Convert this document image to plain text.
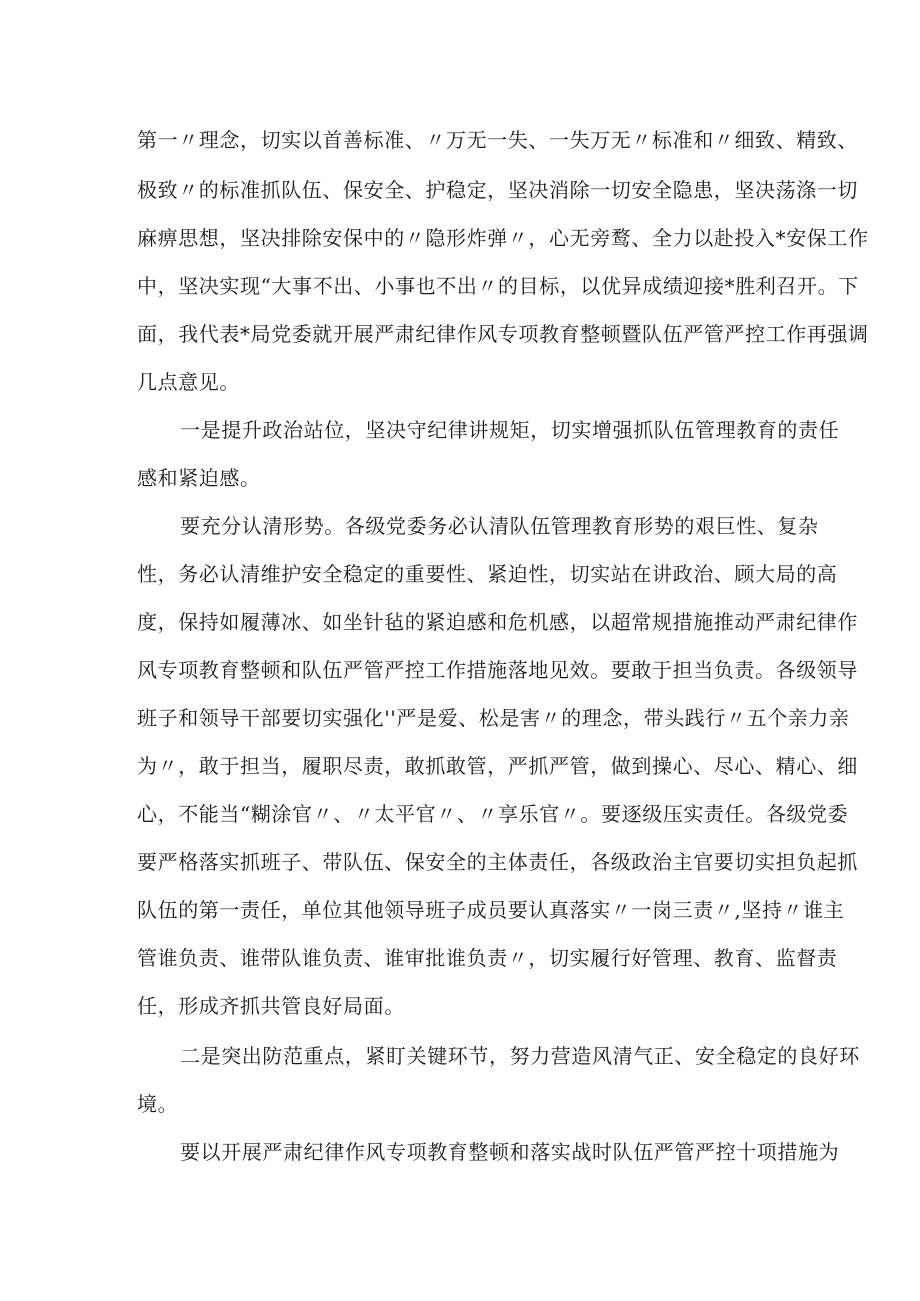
第一〃理念，切实以首善标准、〃万无一失、一失万无〃标准和〃细致、精致、
极致〃的标准抓队伍、保安全、护稳定，坚决消除一切安全隐患，坚决荡涤一切
麻痹思想，坚决排除安保中的〃隐形炸弹〃，心无旁鹜、全力以赴投入*安保工作
中，坚决实现“大事不出、小事也不出〃的目标，以优异成绩迎接*胜利召开。下
面，我代表*局党委就开展严肃纪律作风专项教育整顿暨队伍严管严控工作再强调
几点意见。
一是提升政治站位，坚决守纪律讲规矩，切实增强抓队伍管理教育的责任
感和紧迫感。
要充分认清形势。各级党委务必认清队伍管理教育形势的艰巨性、复杂
性，务必认清维护安全稳定的重要性、紧迫性，切实站在讲政治、顾大局的高
度，保持如履薄冰、如坐针毡的紧迫感和危机感，以超常规措施推动严肃纪律作
风专项教育整顿和队伍严管严控工作措施落地见效。要敢于担当负责。各级领导
班子和领导干部要切实强化''严是爱、松是害〃的理念，带头践行〃五个亲力亲
为〃，敢于担当，履职尽责，敢抓敢管，严抓严管，做到操心、尽心、精心、细
心，不能当“糊涂官〃、〃太平官〃、〃享乐官〃。要逐级压实责任。各级党委
要严格落实抓班子、带队伍、保安全的主体责任，各级政治主官要切实担负起抓
队伍的第一责任，单位其他领导班子成员要认真落实〃一岗三责〃,坚持〃谁主
管谁负责、谁带队谁负责、谁审批谁负责〃，切实履行好管理、教育、监督责
任，形成齐抓共管良好局面。
二是突出防范重点，紧盯关键环节，努力营造风清气正、安全稳定的良好环
境。
要以开展严肃纪律作风专项教育整顿和落实战时队伍严管严控十项措施为
